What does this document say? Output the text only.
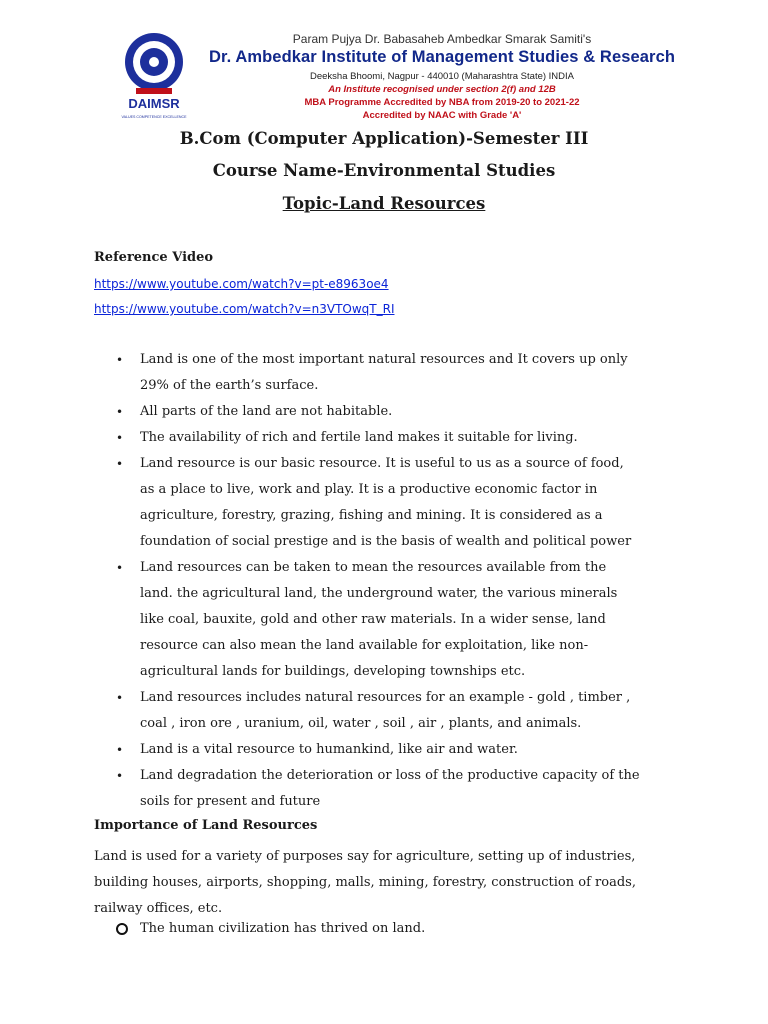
DAIMSR
VALUES COMPETENCE EXCELLENCE
Param Pujya Dr. Babasaheb Ambedkar Smarak Samiti's
Dr. Ambedkar Institute of Management Studies & Research
Deeksha Bhoomi, Nagpur - 440010 (Maharashtra State) INDIA
An Institute recognised under section 2(f) and 12B
MBA Programme Accredited by NBA from 2019-20 to 2021-22
Accredited by NAAC with Grade 'A'
B.Com (Computer Application)-Semester III
Course Name-Environmental Studies
Topic-Land Resources
Reference Video
https://www.youtube.com/watch?v=pt-e8963oe4
https://www.youtube.com/watch?v=n3VTOwqT_RI
• Land is one of the most important natural resources and It covers up only 29% of the earth’s surface.
• All parts of the land are not habitable.
• The availability of rich and fertile land makes it suitable for living.
• Land resource is our basic resource. It is useful to us as a source of food, as a place to live, work and play. It is a productive economic factor in agriculture, forestry, grazing, fishing and mining. It is considered as a foundation of social prestige and is the basis of wealth and political power
• Land resources can be taken to mean the resources available from the land. the agricultural land, the underground water, the various minerals like coal, bauxite, gold and other raw materials. In a wider sense, land resource can also mean the land available for exploitation, like non-agricultural lands for buildings, developing townships etc.
• Land resources includes natural resources for an example - gold , timber , coal , iron ore , uranium, oil, water , soil , air , plants, and animals.
• Land is a vital resource to humankind, like air and water.
• Land degradation the deterioration or loss of the productive capacity of the soils for present and future
Importance of Land Resources
Land is used for a variety of purposes say for agriculture, setting up of industries, building houses, airports, shopping, malls, mining, forestry, construction of roads, railway offices, etc.
The human civilization has thrived on land.
